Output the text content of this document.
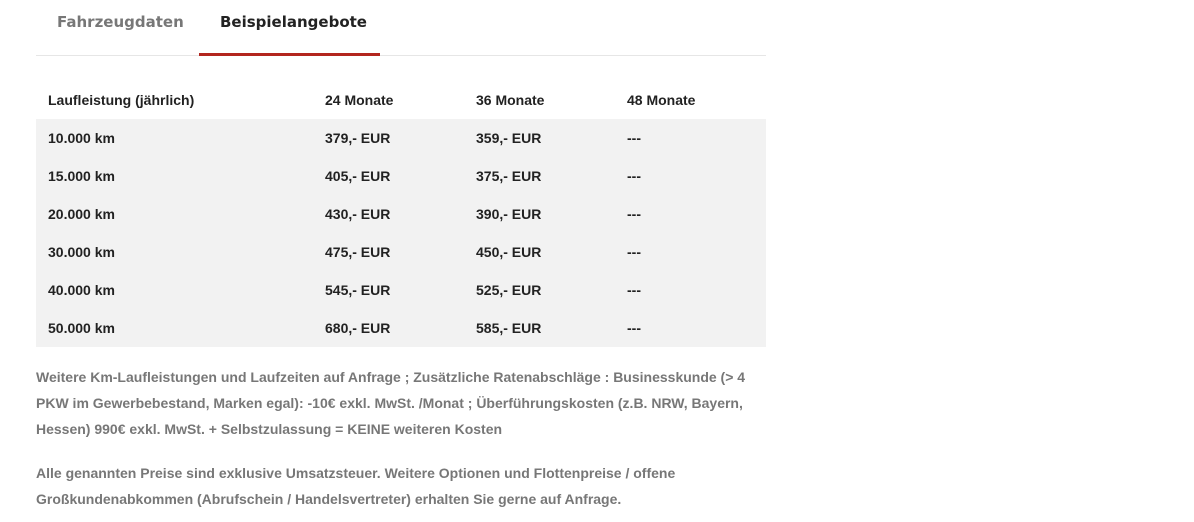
Fahrzeugdaten	Beispielangebote
Laufleistung (jährlich)	24 Monate	36 Monate	48 Monate
10.000 km	379,- EUR	359,- EUR	---
15.000 km	405,- EUR	375,- EUR	---
20.000 km	430,- EUR	390,- EUR	---
30.000 km	475,- EUR	450,- EUR	---
40.000 km	545,- EUR	525,- EUR	---
50.000 km	680,- EUR	585,- EUR	---

Weitere Km-Laufleistungen und Laufzeiten auf Anfrage ; Zusätzliche Ratenabschläge : Businesskunde (> 4 PKW im Gewerbebestand, Marken egal): -10€ exkl. MwSt. /Monat ; Überführungskosten (z.B. NRW, Bayern, Hessen) 990€ exkl. MwSt. + Selbstzulassung = KEINE weiteren Kosten

Alle genannten Preise sind exklusive Umsatzsteuer. Weitere Optionen und Flottenpreise / offene Großkundenabkommen (Abrufschein / Handelsvertreter) erhalten Sie gerne auf Anfrage.
